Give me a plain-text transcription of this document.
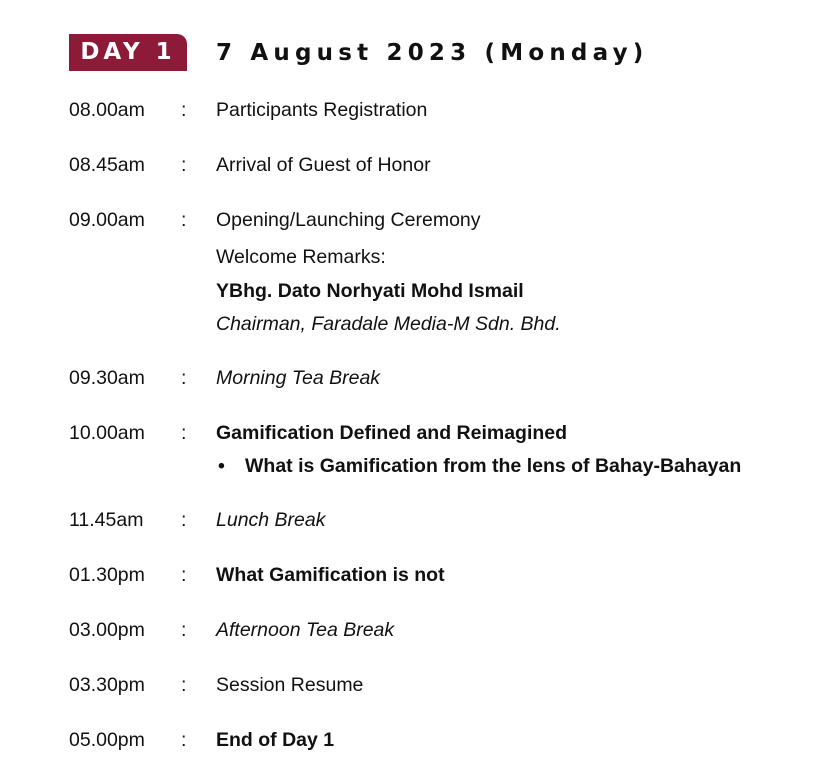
DAY 1	7 August 2023 (Monday)
08.00am : Participants Registration
08.45am : Arrival of Guest of Honor
09.00am : Opening/Launching Ceremony
Welcome Remarks:
YBhg. Dato Norhyati Mohd Ismail
Chairman, Faradale Media-M Sdn. Bhd.
09.30am : Morning Tea Break
10.00am : Gamification Defined and Reimagined
• What is Gamification from the lens of Bahay-Bahayan
11.45am : Lunch Break
01.30pm : What Gamification is not
03.00pm : Afternoon Tea Break
03.30pm : Session Resume
05.00pm : End of Day 1
